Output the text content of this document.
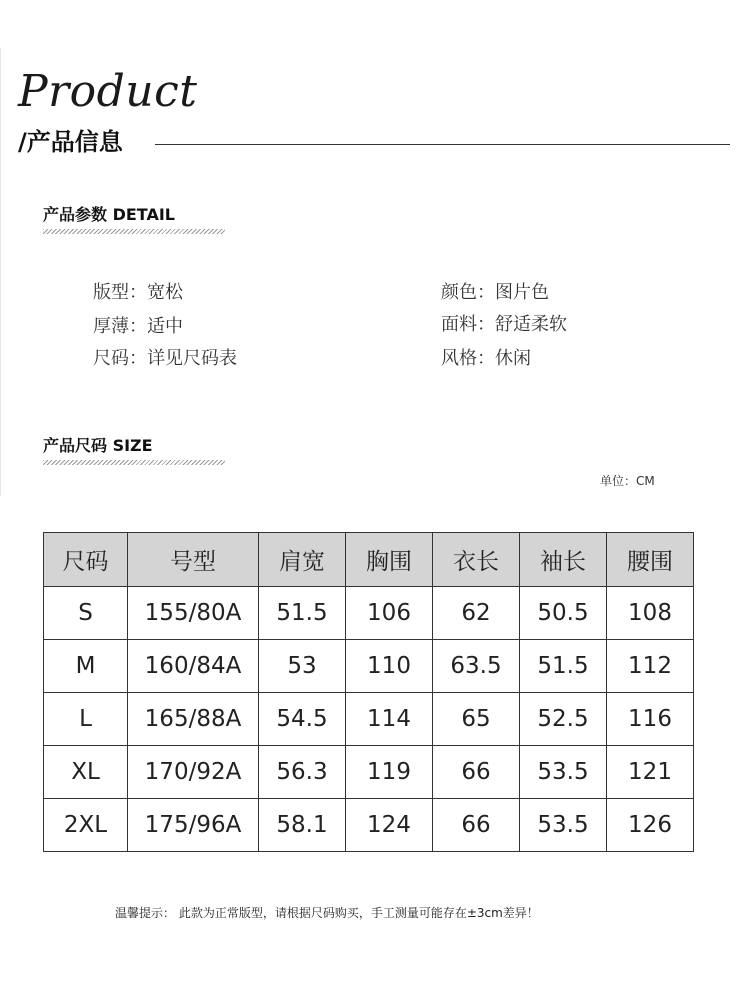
Product
/产品信息
产品参数 DETAIL
版型：宽松
厚薄：适中
尺码：详见尺码表
颜色：图片色
面料：舒适柔软
风格：休闲
产品尺码 SIZE
单位：CM
尺码	号型	肩宽	胸围	衣长	袖长	腰围
S	155/80A	51.5	106	62	50.5	108
M	160/84A	53	110	63.5	51.5	112
L	165/88A	54.5	114	65	52.5	116
XL	170/92A	56.3	119	66	53.5	121
2XL	175/96A	58.1	124	66	53.5	126
温馨提示： 此款为正常版型，请根据尺码购买，手工测量可能存在±3cm差异！
